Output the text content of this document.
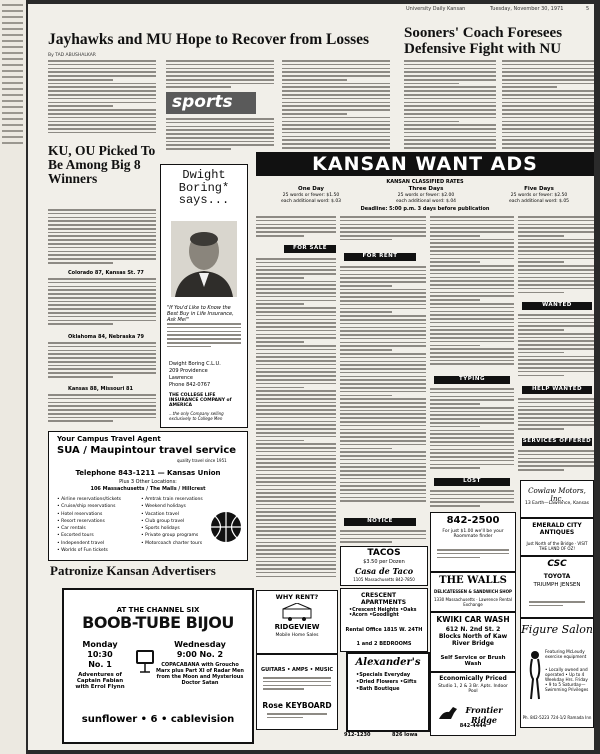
University Daily Kansan	Tuesday, November 30, 1971	5
Jayhawks and MU Hope to Recover from Losses
By TAD ABUSHALKAR
Sooners' Coach Foresees Defensive Fight with NU
sports
KU, OU Picked To Be Among Big 8 Winners
Colorado 87, Kansas St. 77
Oklahoma 84, Nebraska 79
Kansas 88, Missouri 81
Dwight Boring* says...
"If You'd Like to Know the Best Buy in Life Insurance, Ask Me!"
Dwight Boring C.L.U.
209 Providence
Lawrence
Phone 842-0767
THE COLLEGE LIFE INSURANCE COMPANY of AMERICA
...the only Company selling exclusively to College Men
Your Campus Travel Agent
SUA / Maupintour travel service
quality travel since 1951
Telephone 843-1211 — Kansas Union
Plus 3 Other Locations:
106 Massachusetts / The Malls / Hillcrest
• Airline reservations/tickets
• Cruise/ship reservations
• Hotel reservations
• Resort reservations
• Car rentals
• Escorted tours
• Independent travel
• Worlds of Fun tickets
• Amtrak train reservations
• Weekend holidays
• Vacation travel
• Club group travel
• Sports holidays
• Private group programs
• Motorcoach charter tours
Patronize Kansan Advertisers
AT THE CHANNEL SIX
BOOB-TUBE BIJOU
Monday
10:30
No. 1
Adventures of Captain Fabian with Errol Flynn
Wednesday
9:00 No. 2
COPACABANA with Groucho Marx plus Part XI of Radar Men from the Moon and Mysterious Doctor Satan
sunflower • 6 • cablevision
KANSAN WANT ADS
KANSAN CLASSIFIED RATES
One Day
25 words or fewer: $1.50
each additional word: $.03
Three Days
25 words or fewer: $2.00
each additional word: $.04
Five Days
25 words or fewer: $2.50
each additional word: $.05
Deadline: 5:00 p.m. 3 days before publication
FOR SALE
FOR RENT
NOTICE
TYPING
LOST
WANTED
HELP WANTED
SERVICES OFFERED
Cowlaw Motors, Inc.
13 Earth—Lawrence, Kansas
EMERALD CITY ANTIQUES
Just North of the Bridge · VISIT THE LAND OF OZ!
CSC
TOYOTA
TRIUMPH JENSEN
Figure Salon
Featuring McLeudy exercise equipment
• Locally owned and operated • Up to 4 Weekday Hrs. Friday • 9 to 5 Saturday—Swimming Privileges
Ph. 842-5223 724-1/2 Ramada Inn
842-2500
For just $1.00 we'll be your Roommate finder
TACOS
$3.50 per Dozen
Casa de Taco
1105 Massachusetts 842-7850
WHY RENT?
RIDGEVIEW
Mobile Home Sales
GUITARS • AMPS • MUSIC
Rose KEYBOARD
CRESCENT APARTMENTS
•Crescent Heights •Oaks •Acorn •Goodlight
Rental Office 1815 W. 24TH
1 and 2 BEDROOMS
Alexander's
•Specials Everyday •Dried Flowers •Gifts •Bath Boutique
912-1230	826 Iowa
THE WALLS
DELICATESSEN & SANDWICH SHOP
1330 Massachusetts · Lawrence Rental Exchange
KWIKI CAR WASH
612 N. 2nd St. 2 Blocks North of Kaw River Bridge
Self Service or Brush Wash
Economically Priced
Studio 1, 2 & 3 Br. Apts. Indoor Pool
Frontier Ridge
842-4444
